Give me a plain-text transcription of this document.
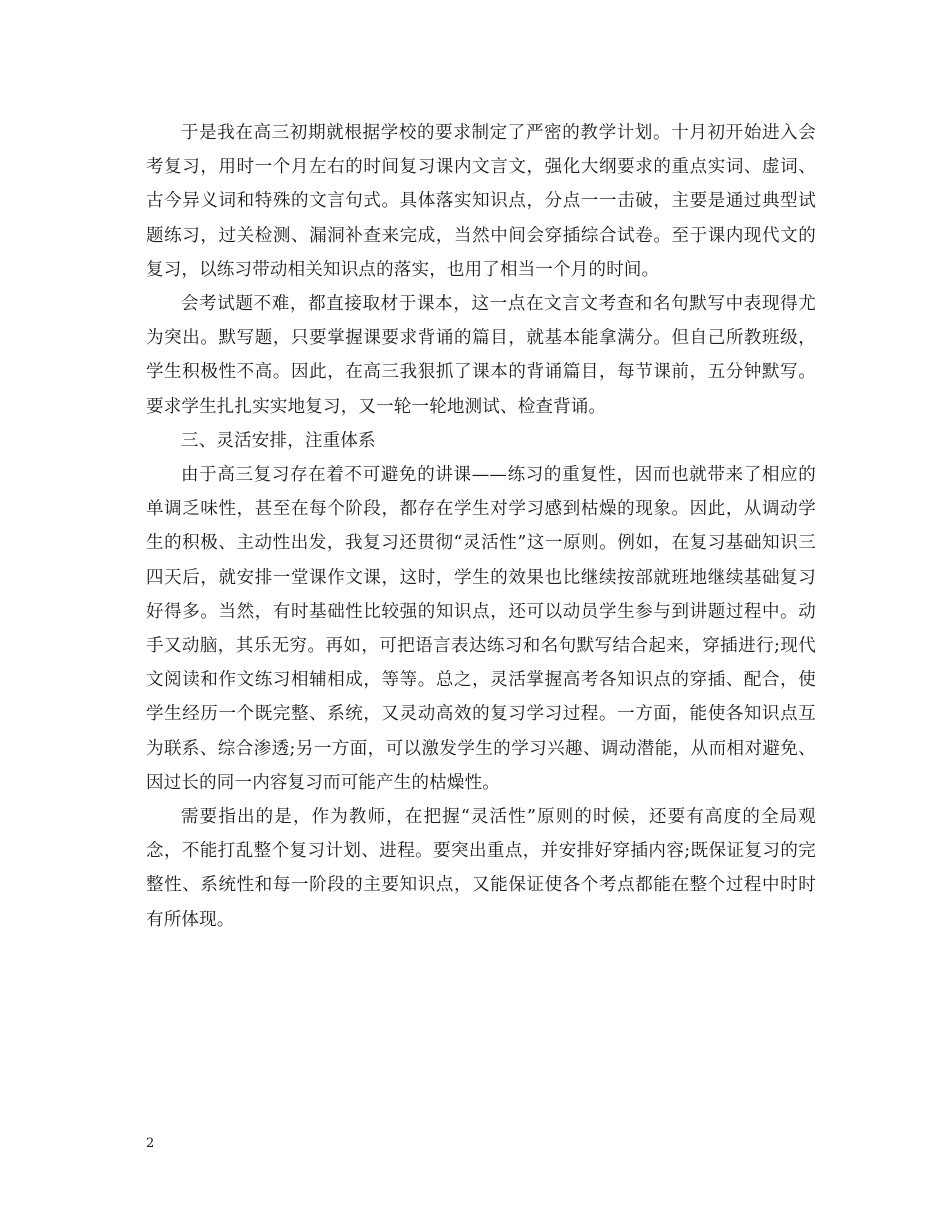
于是我在高三初期就根据学校的要求制定了严密的教学计划。十月初开始进入会考复习，用时一个月左右的时间复习课内文言文，强化大纲要求的重点实词、虚词、古今异义词和特殊的文言句式。具体落实知识点，分点一一击破，主要是通过典型试题练习，过关检测、漏洞补查来完成，当然中间会穿插综合试卷。至于课内现代文的复习，以练习带动相关知识点的落实，也用了相当一个月的时间。

会考试题不难，都直接取材于课本，这一点在文言文考查和名句默写中表现得尤为突出。默写题，只要掌握课要求背诵的篇目，就基本能拿满分。但自己所教班级，学生积极性不高。因此，在高三我狠抓了课本的背诵篇目，每节课前，五分钟默写。要求学生扎扎实实地复习，又一轮一轮地测试、检查背诵。

三、灵活安排，注重体系

由于高三复习存在着不可避免的讲课——练习的重复性，因而也就带来了相应的单调乏味性，甚至在每个阶段，都存在学生对学习感到枯燥的现象。因此，从调动学生的积极、主动性出发，我复习还贯彻“灵活性”这一原则。例如，在复习基础知识三四天后，就安排一堂课作文课，这时，学生的效果也比继续按部就班地继续基础复习好得多。当然，有时基础性比较强的知识点，还可以动员学生参与到讲题过程中。动手又动脑，其乐无穷。再如，可把语言表达练习和名句默写结合起来，穿插进行;现代文阅读和作文练习相辅相成，等等。总之，灵活掌握高考各知识点的穿插、配合，使学生经历一个既完整、系统，又灵动高效的复习学习过程。一方面，能使各知识点互为联系、综合渗透;另一方面，可以激发学生的学习兴趣、调动潜能，从而相对避免、因过长的同一内容复习而可能产生的枯燥性。

需要指出的是，作为教师，在把握“灵活性”原则的时候，还要有高度的全局观念，不能打乱整个复习计划、进程。要突出重点，并安排好穿插内容;既保证复习的完整性、系统性和每一阶段的主要知识点，又能保证使各个考点都能在整个过程中时时有所体现。

2
